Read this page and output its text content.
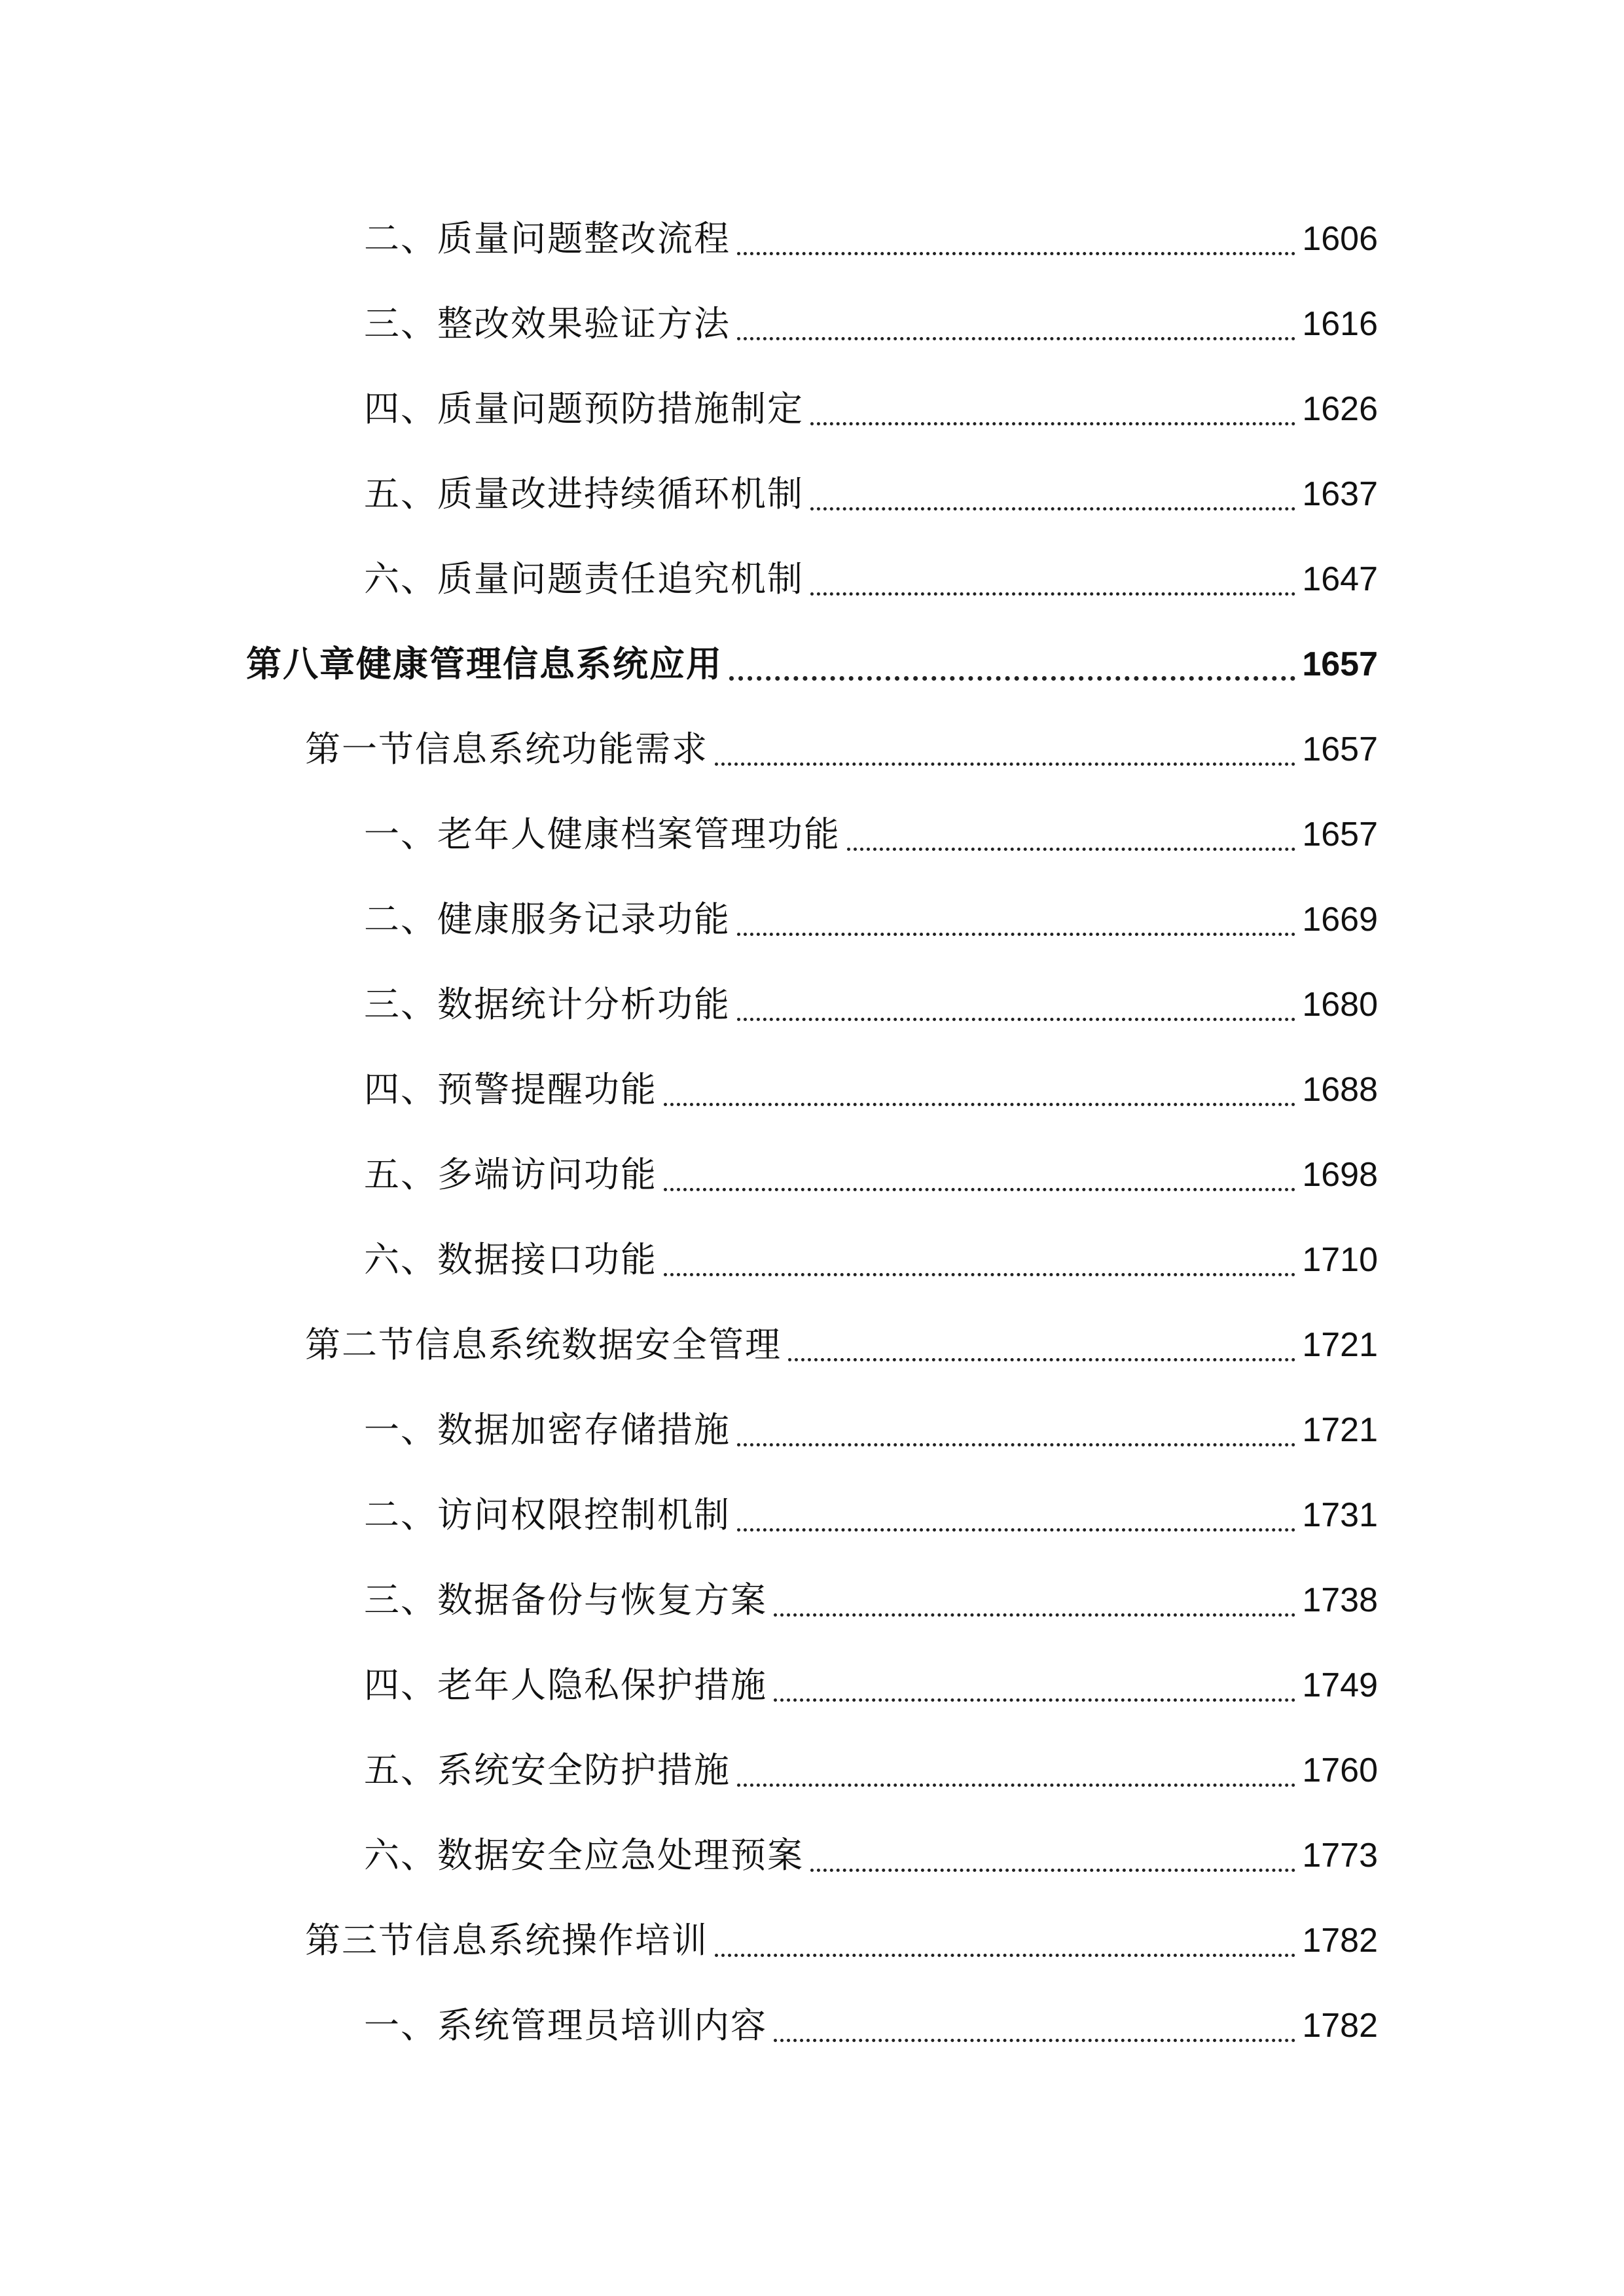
二、质量问题整改流程	1606
三、整改效果验证方法	1616
四、质量问题预防措施制定	1626
五、质量改进持续循环机制	1637
六、质量问题责任追究机制	1647
第八章健康管理信息系统应用	1657
第一节信息系统功能需求	1657
一、老年人健康档案管理功能	1657
二、健康服务记录功能	1669
三、数据统计分析功能	1680
四、预警提醒功能	1688
五、多端访问功能	1698
六、数据接口功能	1710
第二节信息系统数据安全管理	1721
一、数据加密存储措施	1721
二、访问权限控制机制	1731
三、数据备份与恢复方案	1738
四、老年人隐私保护措施	1749
五、系统安全防护措施	1760
六、数据安全应急处理预案	1773
第三节信息系统操作培训	1782
一、系统管理员培训内容	1782
